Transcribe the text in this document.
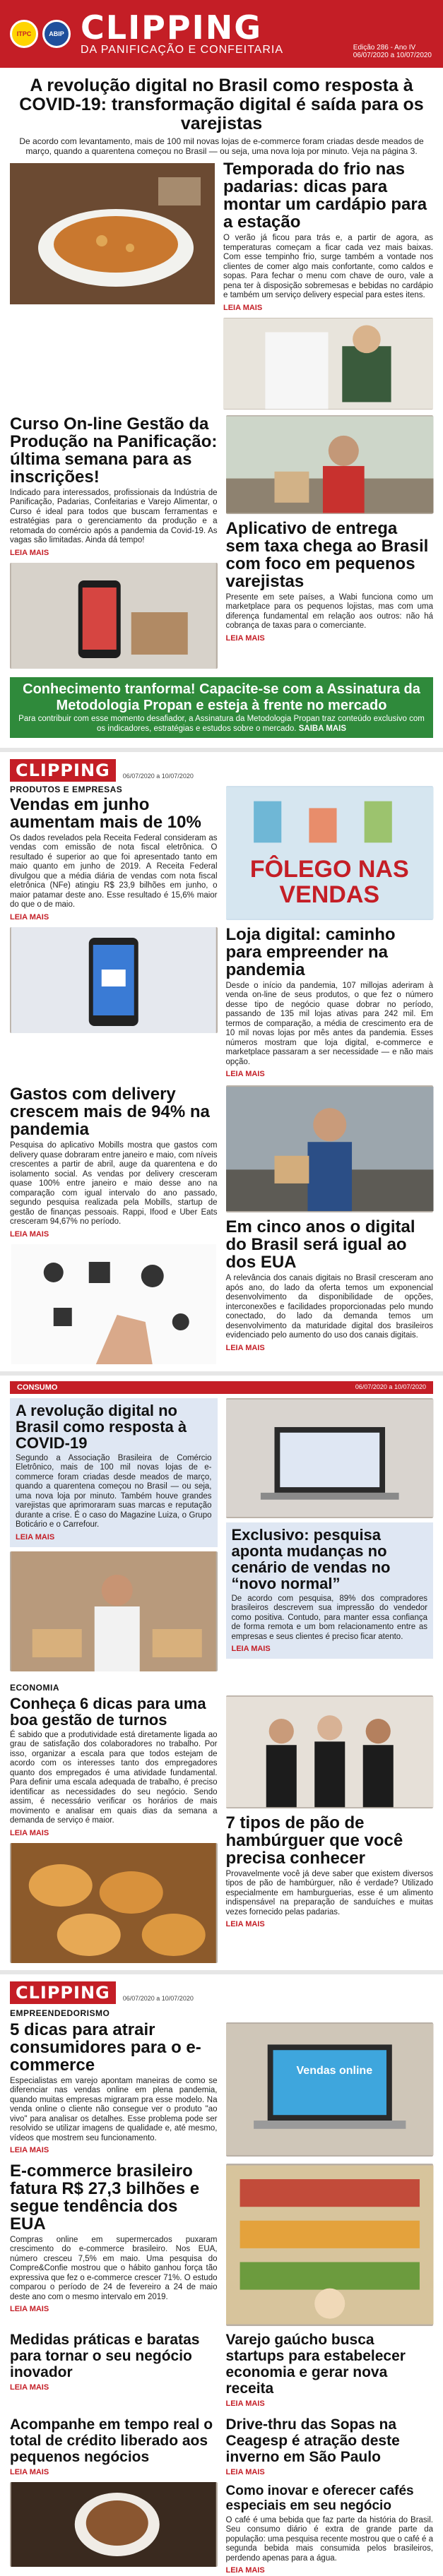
ITPC	ABIP CLIPPING
DA PANIFICAÇÃO E CONFEITARIA	Edição 286 - Ano IV
06/07/2020 a 10/07/2020
A revolução digital no Brasil como resposta à COVID-19: transformação digital é saída para os varejistas

De acordo com levantamento, mais de 100 mil novas lojas de e-commerce foram criadas desde meados de março, quando a quarentena começou no Brasil — ou seja, uma nova loja por minuto. Veja na página 3.

Temporada do frio nas padarias: dicas para montar um cardápio para a estação

O verão já ficou para trás e, a partir de agora, as temperaturas começam a ficar cada vez mais baixas. Com esse tempinho frio, surge também a vontade nos clientes de comer algo mais confortante, como caldos e sopas. Para fechar o menu com chave de ouro, vale a pena ter à disposição sobremesas e bebidas no cardápio e também um serviço delivery especial para estes itens.

LEIA MAIS
Curso On-line Gestão da Produção na Panificação: última semana para as inscrições!

Indicado para interessados, profissionais da Indústria de Panificação, Padarias, Confeitarias e Varejo Alimentar, o Curso é ideal para todos que buscam ferramentas e estratégias para o gerenciamento da produção e a retomada do comércio após a pandemia da Covid-19. As vagas são limitadas. Ainda dá tempo!

LEIA MAIS
Aplicativo de entrega sem taxa chega ao Brasil com foco em pequenos varejistas

Presente em sete países, a Wabi funciona como um marketplace para os pequenos lojistas, mas com uma diferença fundamental em relação aos outros: não há cobrança de taxas para o comerciante.

LEIA MAIS
Conhecimento tranforma! Capacite-se com a Assinatura da Metodologia Propan e esteja à frente no mercado
Para contribuir com esse momento desafiador, a Assinatura da Metodologia Propan traz conteúdo exclusivo com os indicadores, estratégias e estudos sobre o mercado. SAIBA MAIS
CLIPPING	06/07/2020 a 10/07/2020
PRODUTOS E EMPRESAS
Vendas em junho aumentam mais de 10%

Os dados revelados pela Receita Federal consideram as vendas com emissão de nota fiscal eletrônica. O resultado é superior ao que foi apresentado tanto em maio quanto em junho de 2019. A Receita Federal divulgou que a média diária de vendas com nota fiscal eletrônica (NFe) atingiu R$ 23,9 bilhões em junho, o maior patamar deste ano. Esse resultado é 15,6% maior do que o de maio.

LEIA MAIS
FÔLEGO NAS VENDAS
Loja digital: caminho para empreender na pandemia

Desde o início da pandemia, 107 millojas aderiram à venda on-line de seus produtos, o que fez o número desse tipo de negócio quase dobrar no período, passando de 135 mil lojas ativas para 242 mil. Em termos de comparação, a média de crescimento era de 10 mil novas lojas por mês antes da pandemia. Esses números mostram que loja digital, e-commerce e marketplace passaram a ser necessidade — e não mais opção.

LEIA MAIS
Gastos com delivery crescem mais de 94% na pandemia

Pesquisa do aplicativo Mobills mostra que gastos com delivery quase dobraram entre janeiro e maio, com níveis crescentes a partir de abril, auge da quarentena e do isolamento social. As vendas por delivery cresceram quase 100% entre janeiro e maio desse ano na comparação com igual intervalo do ano passado, segundo pesquisa realizada pela Mobills, startup de gestão de finanças pessoais. Rappi, Ifood e Uber Eats cresceram 94,67% no período.

LEIA MAIS	Em cinco anos o digital do Brasil será igual ao dos EUA

A relevância dos canais digitais no Brasil cresceram ano após ano, do lado da oferta temos um exponencial desenvolvimento da disponibilidade de opções, interconexões e facilidades proporcionadas pelo mundo conectado, do lado da demanda temos um desenvolvimento da maturidade digital dos brasileiros evidenciado pelo aumento do uso dos canais digitais.

LEIA MAIS
CONSUMO	06/07/2020 a 10/07/2020
A revolução digital no Brasil como resposta à COVID-19

Segundo a Associação Brasileira de Comércio Eletrônico, mais de 100 mil novas lojas de e-commerce foram criadas desde meados de março, quando a quarentena começou no Brasil — ou seja, uma nova loja por minuto. Também houve grandes varejistas que aprimoraram suas marcas e reputação durante a crise. É o caso do Magazine Luiza, o Grupo Boticário e o Carrefour.

LEIA MAIS	Exclusivo: pesquisa aponta mudanças no cenário de vendas no “novo normal”

De acordo com pesquisa, 89% dos compradores brasileiros descrevem sua impressão do vendedor como positiva. Contudo, para manter essa confiança de forma remota e um bom relacionamento entre as empresas e seus clientes é preciso ficar atento.

LEIA MAIS
ECONOMIA
Conheça 6 dicas para uma boa gestão de turnos

É sabido que a produtividade está diretamente ligada ao grau de satisfação dos colaboradores no trabalho. Por isso, organizar a escala para que todos estejam de acordo com os interesses tanto dos empregadores quanto dos empregados é uma atividade fundamental. Para definir uma escala adequada de trabalho, é preciso identificar as necessidades do seu negócio. Sendo assim, é necessário verificar os horários de mais movimento e analisar em quais dias da semana a demanda de serviço é maior.

LEIA MAIS
7 tipos de pão de hambúrguer que você precisa conhecer

Provavelmente você já deve saber que existem diversos tipos de pão de hambúrguer, não é verdade? Utilizado especialmente em hamburguerias, esse é um alimento indispensável na preparação de sanduíches e muitas vezes fornecido pelas padarias.

LEIA MAIS
CLIPPING	06/07/2020 a 10/07/2020
EMPREENDEDORISMO
5 dicas para atrair consumidores para o e-commerce

Especialistas em varejo apontam maneiras de como se diferenciar nas vendas online em plena pandemia, quando muitas empresas migraram pra esse modelo. Na venda online o cliente não consegue ver o produto "ao vivo" para analisar os detalhes. Esse problema pode ser resolvido se utilizar imagens de qualidade e, até mesmo, vídeos que mostrem seu funcionamento.

LEIA MAIS
Vendas online
E-commerce brasileiro fatura R$ 27,3 bilhões e segue tendência dos EUA

Compras online em supermercados puxaram crescimento do e-commerce brasileiro. Nos EUA, número cresceu 7,5% em maio. Uma pesquisa do Compre&Confie mostrou que o hábito ganhou força tão expressiva que fez o e-commerce crescer 71%. O estudo comparou o período de 24 de fevereiro a 24 de maio deste ano com o mesmo intervalo em 2019.

LEIA MAIS
Medidas práticas e baratas para tornar o seu negócio inovador
LEIA MAIS
Varejo gaúcho busca startups para estabelecer economia e gerar nova receita
LEIA MAIS
Acompanhe em tempo real o total de crédito liberado aos pequenos negócios
LEIA MAIS
Drive-thru das Sopas na Ceagesp é atração deste inverno em São Paulo
LEIA MAIS
Como inovar e oferecer cafés especiais em seu negócio

O café é uma bebida que faz parte da história do Brasil. Seu consumo diário é extra de grande parte da população: uma pesquisa recente mostrou que o café é a segunda bebida mais consumida pelos brasileiros, perdendo apenas para a água.

LEIA MAIS
